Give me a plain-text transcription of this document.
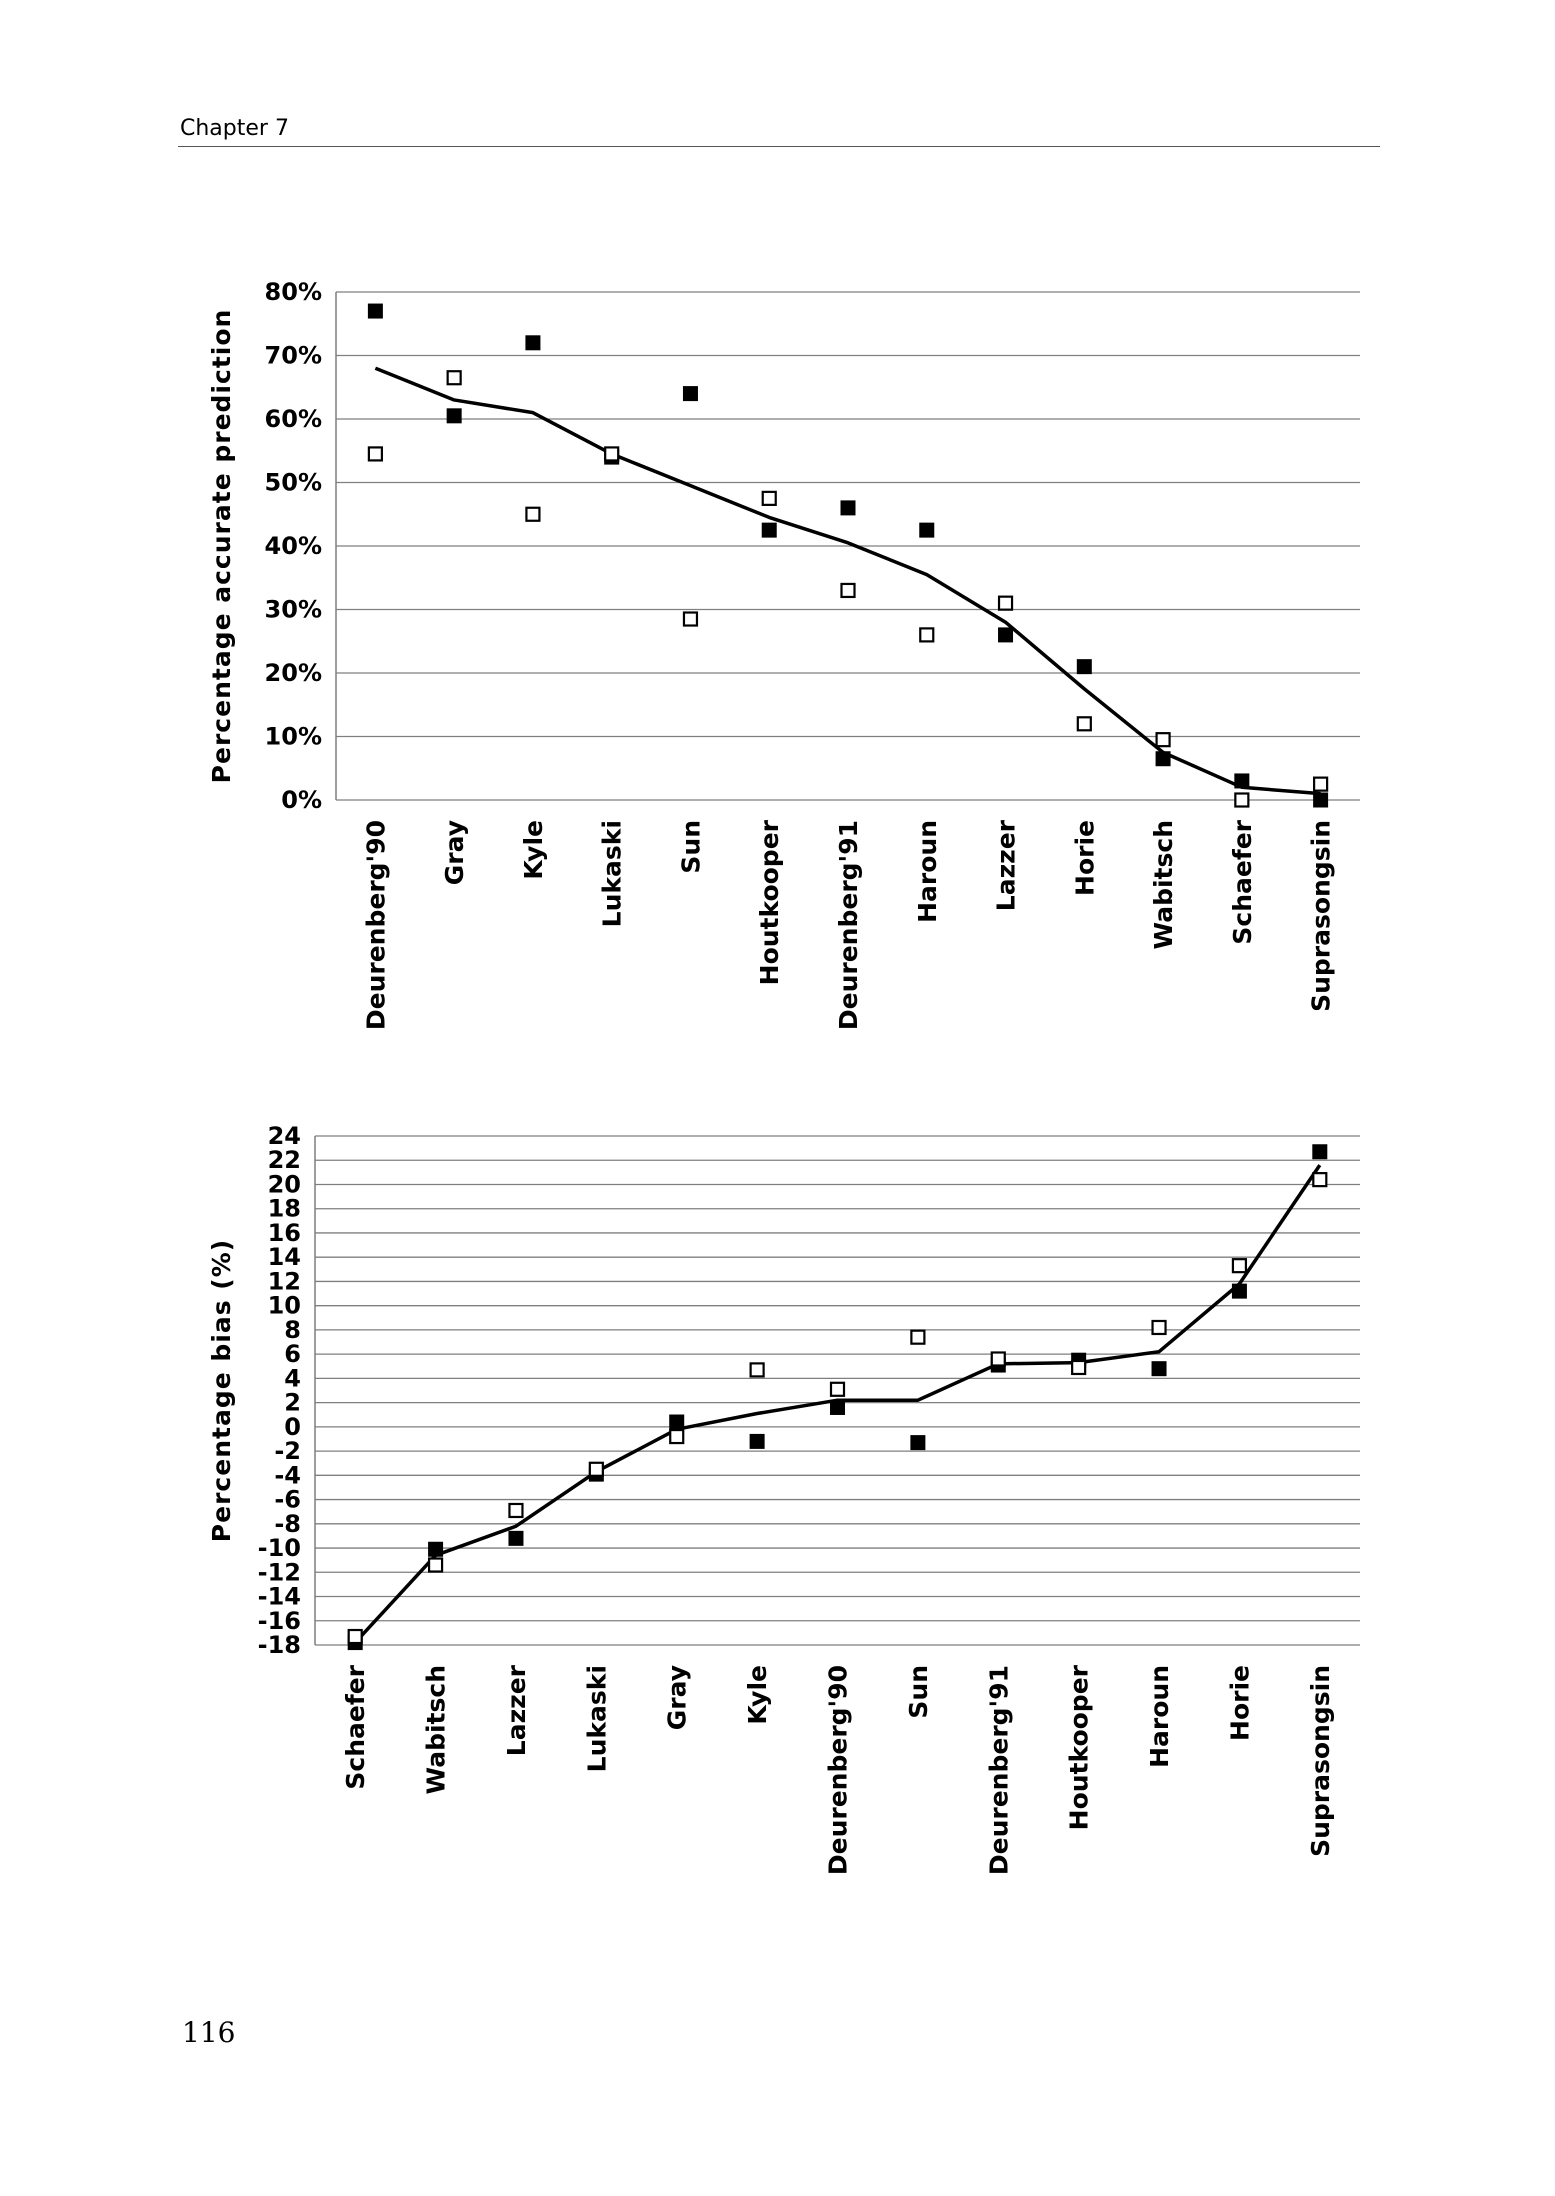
Chapter 7
0%
10%
20%
30%
40%
50%
60%
70%
80%
Percentage accurate prediction
Deurenberg'90 Gray Kyle Lukaski Sun Houtkooper Deurenberg'91 Haroun Lazzer Horie Wabitsch Schaefer Suprasongsin
24
22
20
18
16
14
12
10
8
6
4
2
0
-2
-4
-6
-8
-10
-12
-14
-16
-18
Percentage bias (%)
Schaefer Wabitsch Lazzer Lukaski Gray Kyle Deurenberg'90 Sun Deurenberg'91 Houtkooper Haroun Horie Suprasongsin
116
